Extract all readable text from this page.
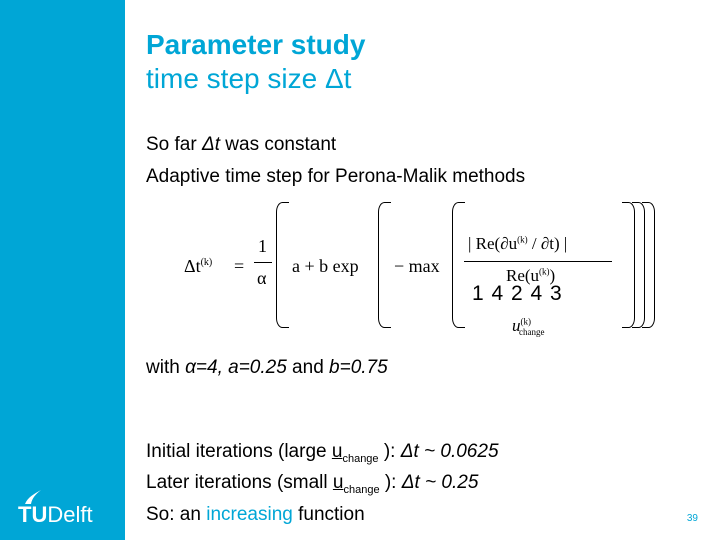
TUDelft
Parameter study
time step size Δt
So far Δt was constant
Adaptive time step for Perona-Malik methods
$\Delta t^{(k)}$ =
1
α
a + b exp − max
| $Re(\partial u^{(k)} / \partial t)$ |
$Re(u^{(k)})$
1 4 2 4 3
$u^{(k)}_{change}$
with α=4, a=0.25 and b=0.75
Initial iterations (large $u_{change}$ ): Δt ~ 0.0625
Later iterations (small $u_{change}$ ): Δt ~ 0.25
So: an increasing function	39
